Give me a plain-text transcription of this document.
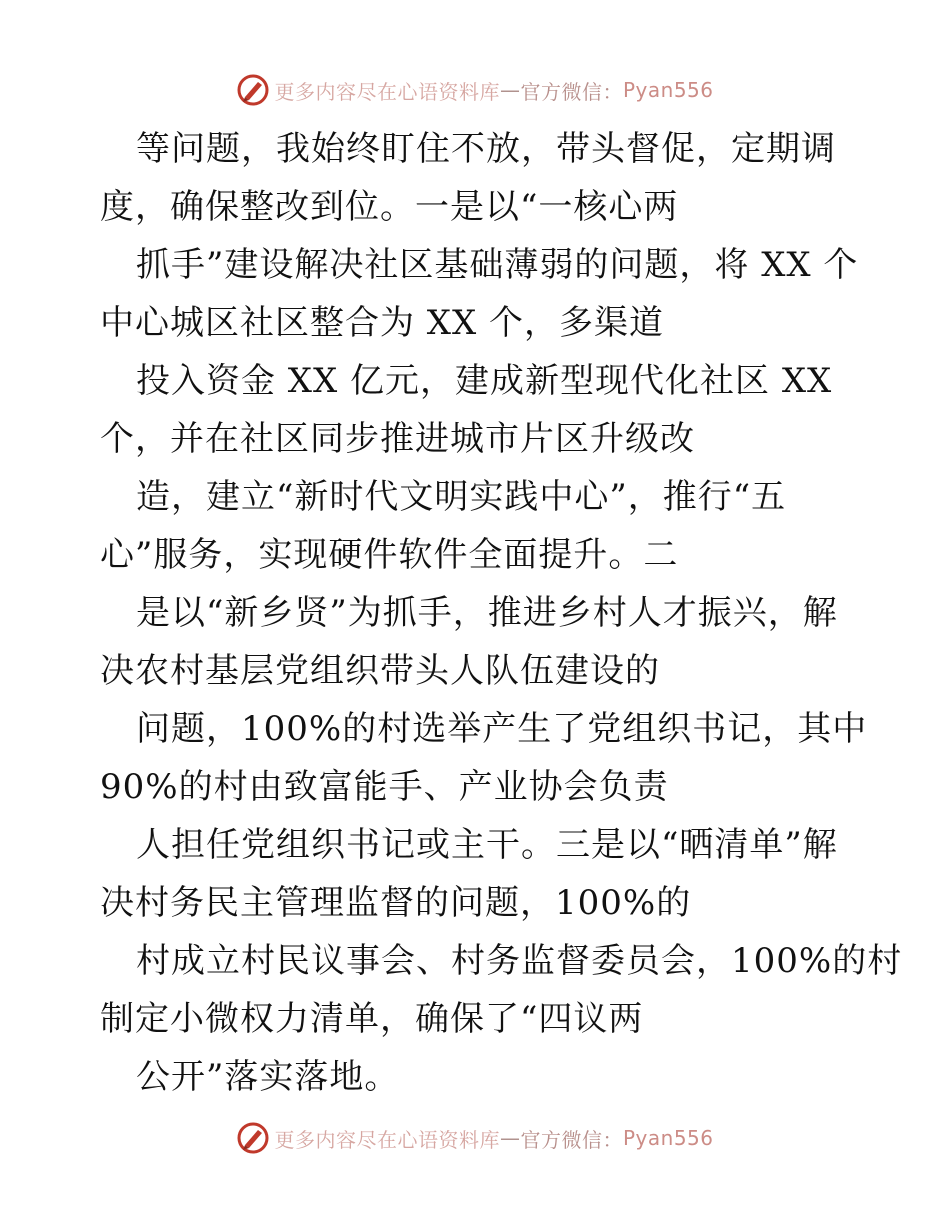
更多内容尽在心语资料库 — 官方微信： Pyan556
等问题，我始终盯住不放，带头督促，定期调
度，确保整改到位。一是以“一核心两
抓手”建设解决社区基础薄弱的问题，将 XX 个
中心城区社区整合为 XX 个，多渠道
投入资金 XX 亿元，建成新型现代化社区 XX
个，并在社区同步推进城市片区升级改
造，建立“新时代文明实践中心”，推行“五
心”服务，实现硬件软件全面提升。二
是以“新乡贤”为抓手，推进乡村人才振兴，解
决农村基层党组织带头人队伍建设的
问题，100%的村选举产生了党组织书记，其中
90%的村由致富能手、产业协会负责
人担任党组织书记或主干。三是以“晒清单”解
决村务民主管理监督的问题，100%的
村成立村民议事会、村务监督委员会，100%的村
制定小微权力清单，确保了“四议两
公开”落实落地。
更多内容尽在心语资料库 — 官方微信： Pyan556
